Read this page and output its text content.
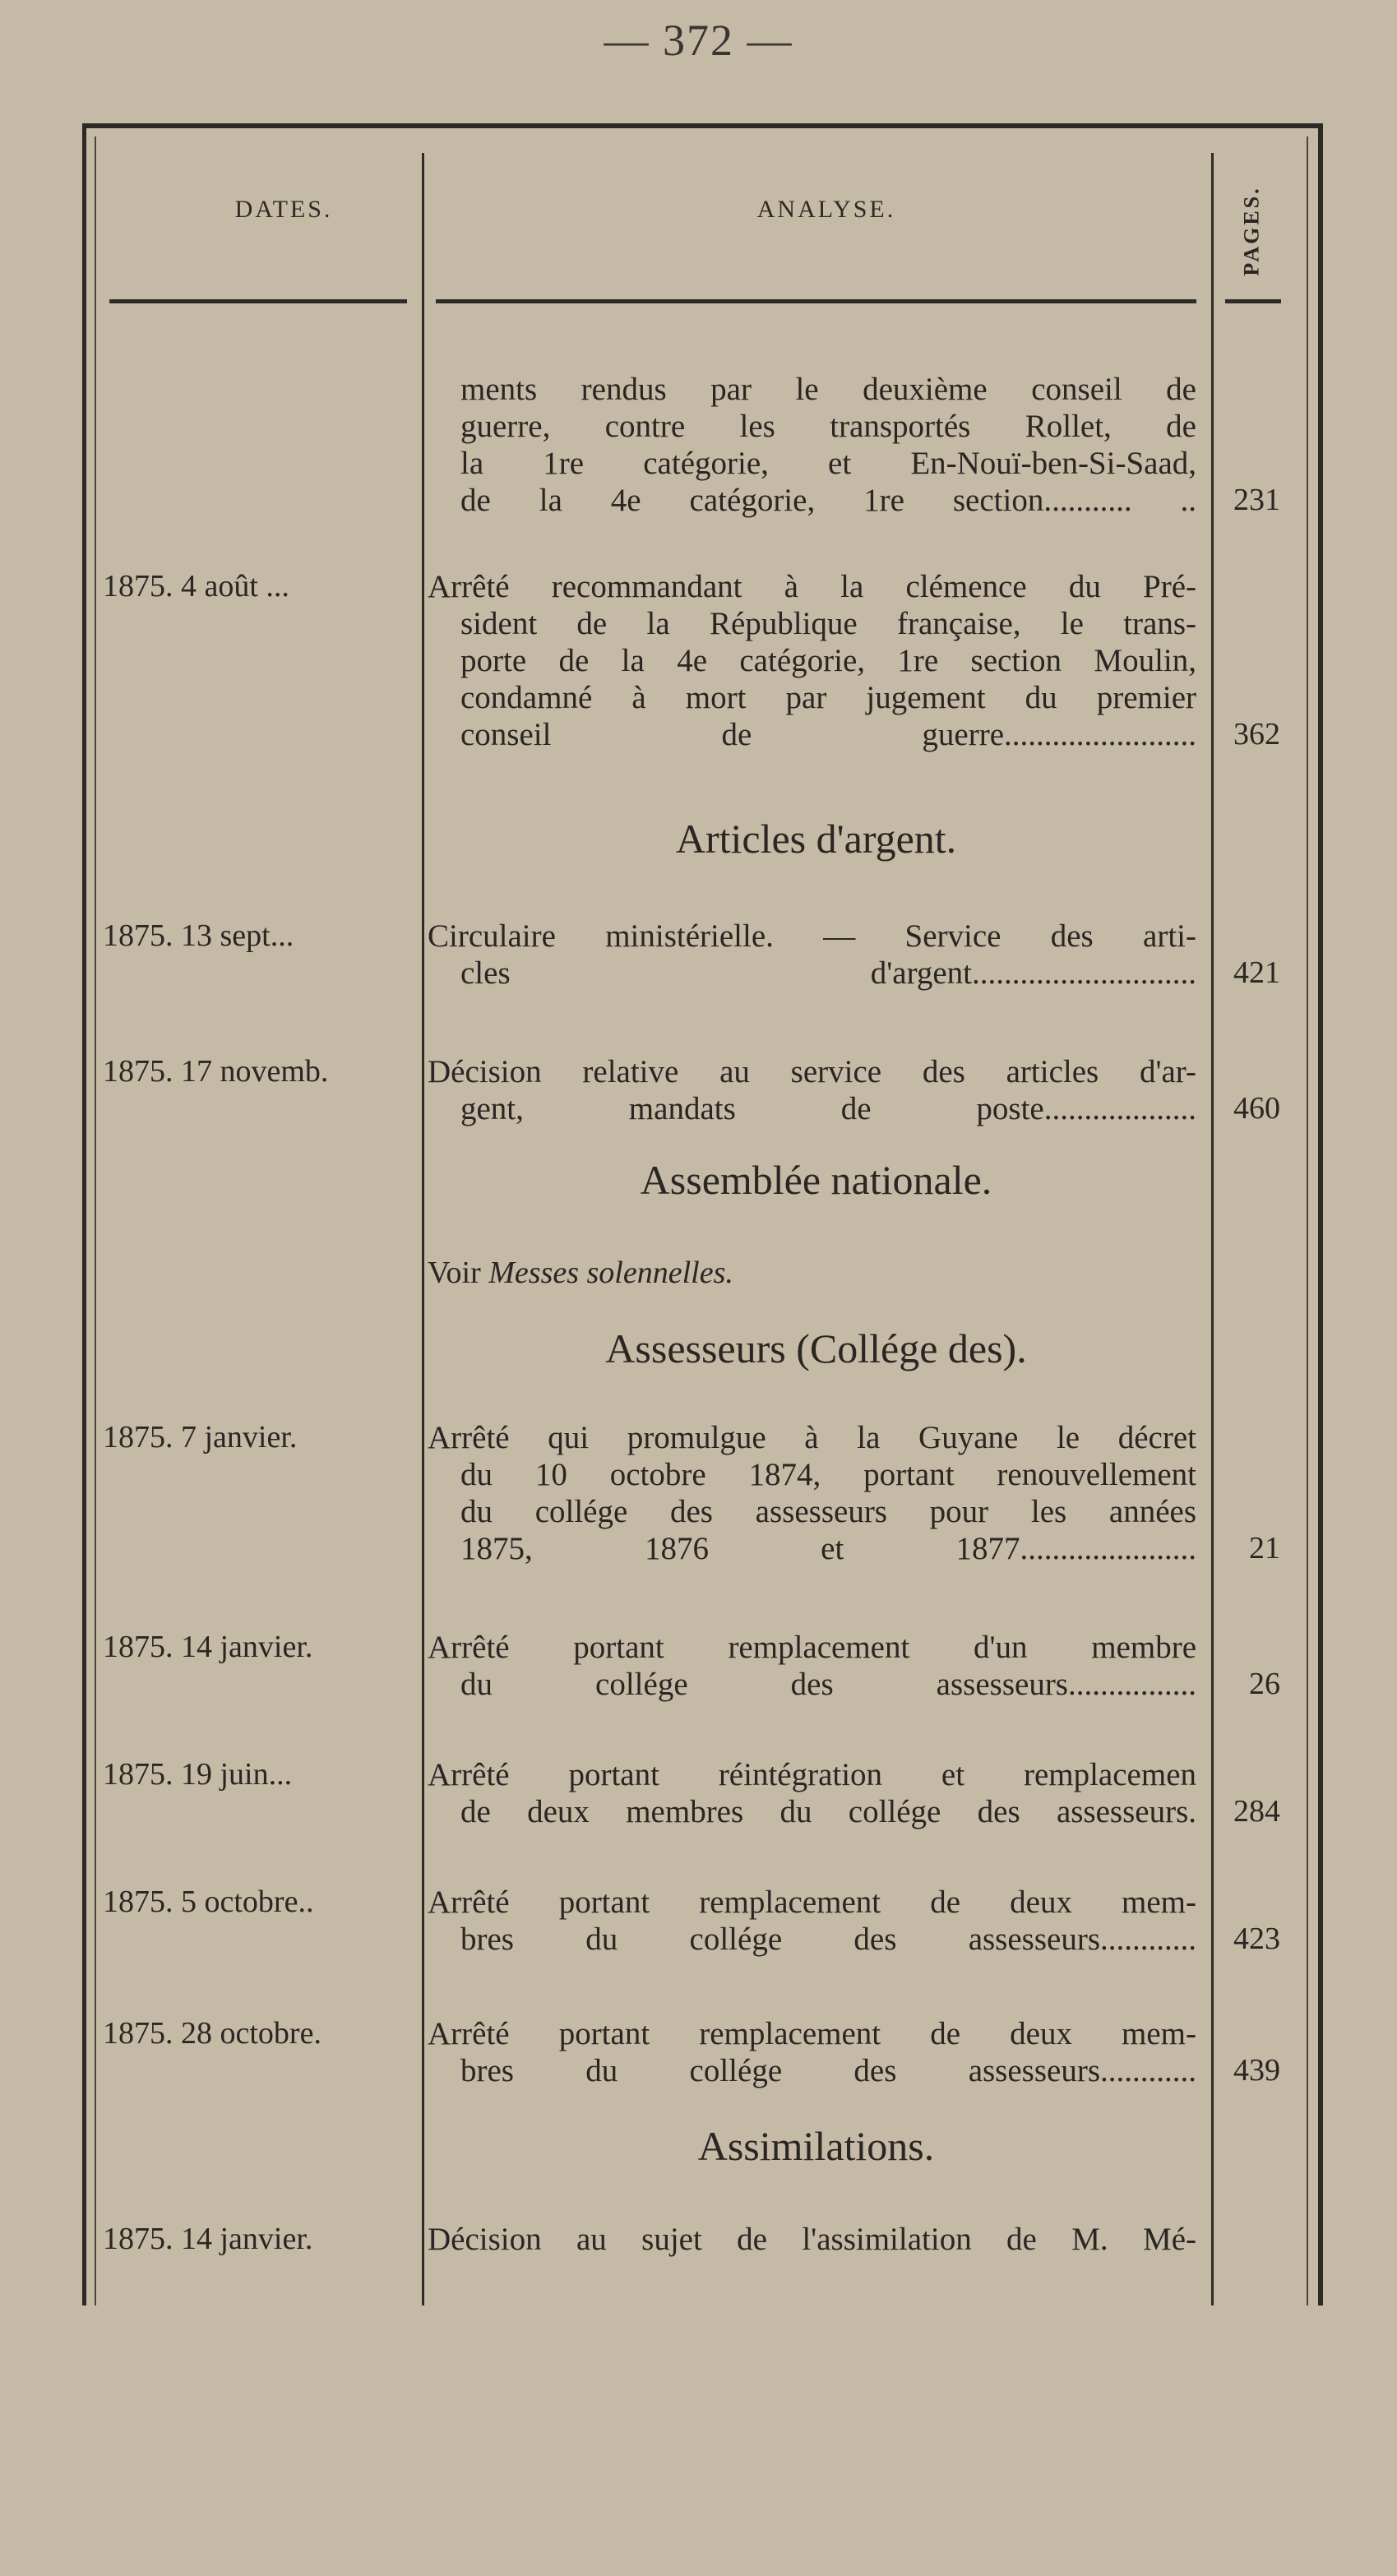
— 372 —
DATES.	ANALYSE.	PAGES.
ments rendus par le deuxième conseil de
guerre, contre les transportés Rollet, de
la 1re catégorie, et En-Nouï-ben-Si-Saad,
de la 4e catégorie, 1re section........... ..	231
1875. 4 août ...	Arrêté recommandant à la clémence du Pré-
sident de la République française, le trans-
porte de la 4e catégorie, 1re section Moulin,
condamné à mort par jugement du premier
conseil de guerre........................	362
Articles d'argent.
1875. 13 sept...	Circulaire ministérielle. — Service des arti-
cles d'argent............................	421
1875. 17 novemb.	Décision relative au service des articles d'ar-
gent, mandats de poste...................	460
Assemblée nationale.
Voir Messes solennelles.
Assesseurs (Collége des).
1875. 7 janvier.	Arrêté qui promulgue à la Guyane le décret
du 10 octobre 1874, portant renouvellement
du collége des assesseurs pour les années
1875, 1876 et 1877......................	21
1875. 14 janvier.	Arrêté portant remplacement d'un membre
du collége des assesseurs................	26
1875. 19 juin...	Arrêté portant réintégration et remplacemen
de deux membres du collége des assesseurs.	284
1875. 5 octobre..	Arrêté portant remplacement de deux mem-
bres du collége des assesseurs............	423
1875. 28 octobre.	Arrêté portant remplacement de deux mem-
bres du collége des assesseurs............	439
Assimilations.
1875. 14 janvier.	Décision au sujet de l'assimilation de M. Mé-
